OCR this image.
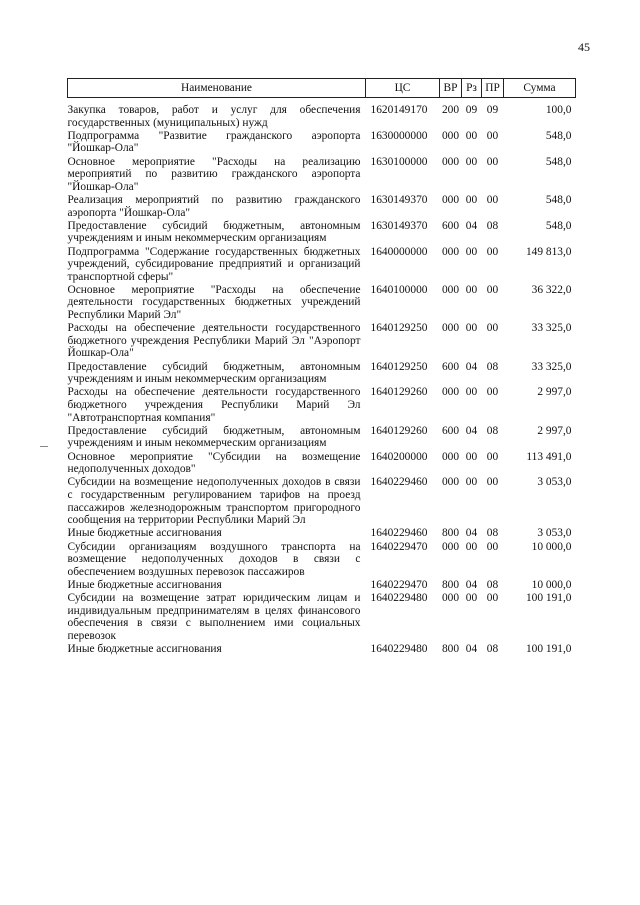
45
Наименование	ЦС	ВР	Рз	ПР	Сумма
Закупка товаров, работ и услуг для обеспечения государственных (муниципальных) нужд	1620149170	200	09	09	100,0
Подпрограмма "Развитие гражданского аэропорта "Йошкар-Ола"	1630000000	000	00	00	548,0
Основное мероприятие "Расходы на реализацию мероприятий по развитию гражданского аэропорта "Йошкар-Ола"	1630100000	000	00	00	548,0
Реализация мероприятий по развитию гражданского аэропорта "Йошкар-Ола"	1630149370	000	00	00	548,0
Предоставление субсидий бюджетным, автономным учреждениям и иным некоммерческим организациям	1630149370	600	04	08	548,0
Подпрограмма "Содержание государственных бюджетных учреждений, субсидирование предприятий и организаций транспортной сферы"	1640000000	000	00	00	149 813,0
Основное мероприятие "Расходы на обеспечение деятельности государственных бюджетных учреждений Республики Марий Эл"	1640100000	000	00	00	36 322,0
Расходы на обеспечение деятельности государственного бюджетного учреждения Республики Марий Эл "Аэропорт Йошкар-Ола"	1640129250	000	00	00	33 325,0
Предоставление субсидий бюджетным, автономным учреждениям и иным некоммерческим организациям	1640129250	600	04	08	33 325,0
Расходы на обеспечение деятельности государственного бюджетного учреждения Республики Марий Эл "Автотранспортная компания"	1640129260	000	00	00	2 997,0
Предоставление субсидий бюджетным, автономным учреждениям и иным некоммерческим организациям	1640129260	600	04	08	2 997,0
Основное мероприятие "Субсидии на возмещение недополученных доходов"	1640200000	000	00	00	113 491,0
Субсидии на возмещение недополученных доходов в связи с государственным регулированием тарифов на проезд пассажиров железнодорожным транспортом пригородного сообщения на территории Республики Марий Эл	1640229460	000	00	00	3 053,0
Иные бюджетные ассигнования	1640229460	800	04	08	3 053,0
Субсидии организациям воздушного транспорта на возмещение недополученных доходов в связи с обеспечением воздушных перевозок пассажиров	1640229470	000	00	00	10 000,0
Иные бюджетные ассигнования	1640229470	800	04	08	10 000,0
Субсидии на возмещение затрат юридическим лицам и индивидуальным предпринимателям в целях финансового обеспечения в связи с выполнением ими социальных перевозок	1640229480	000	00	00	100 191,0
Иные бюджетные ассигнования	1640229480	800	04	08	100 191,0
